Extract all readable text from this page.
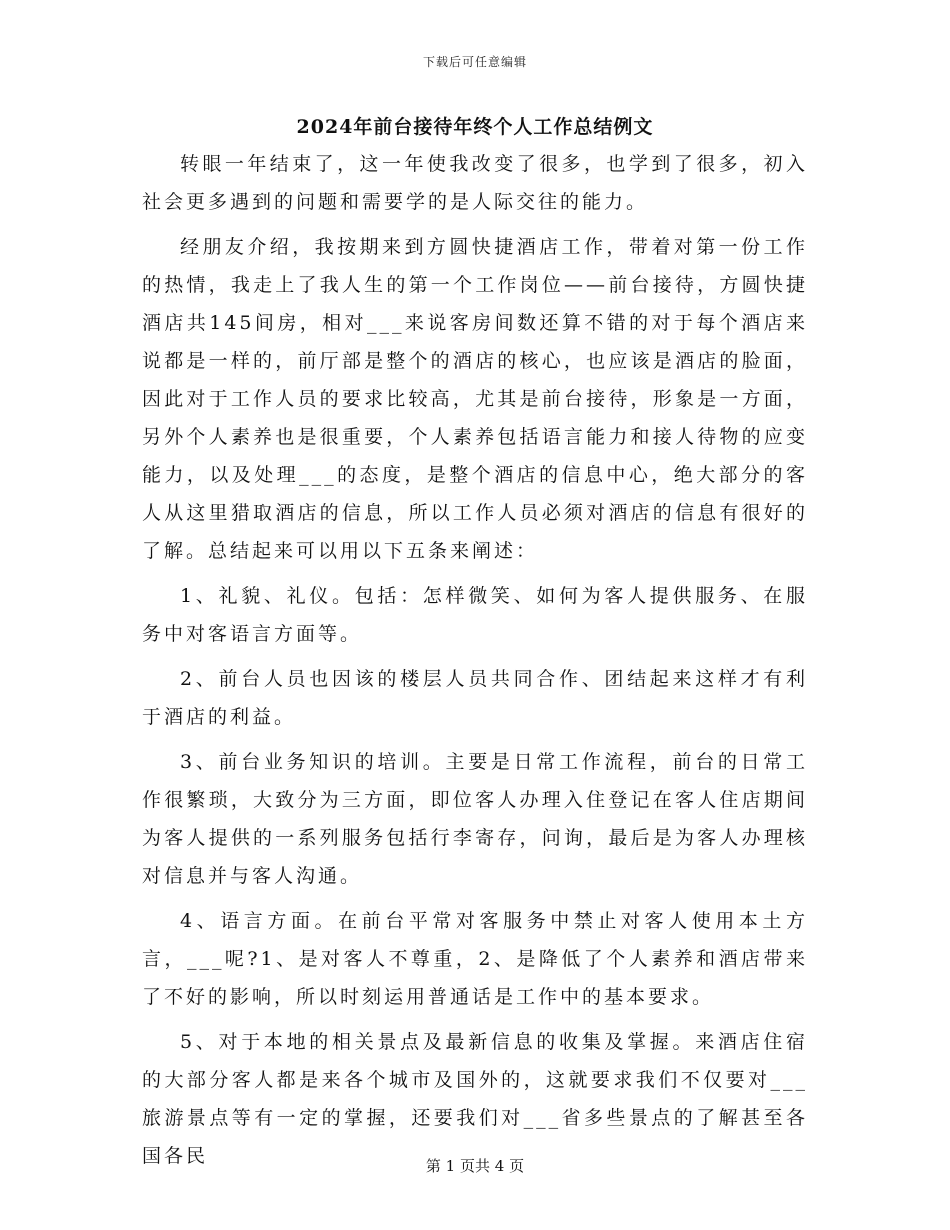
下载后可任意编辑
2024年前台接待年终个人工作总结例文

转眼一年结束了，这一年使我改变了很多，也学到了很多，初入社会更多遇到的问题和需要学的是人际交往的能力。

经朋友介绍，我按期来到方圆快捷酒店工作，带着对第一份工作的热情，我走上了我人生的第一个工作岗位——前台接待，方圆快捷酒店共145间房，相对___来说客房间数还算不错的对于每个酒店来说都是一样的，前厅部是整个的酒店的核心，也应该是酒店的脸面，因此对于工作人员的要求比较高，尤其是前台接待，形象是一方面，另外个人素养也是很重要，个人素养包括语言能力和接人待物的应变能力，以及处理___的态度，是整个酒店的信息中心，绝大部分的客人从这里猎取酒店的信息，所以工作人员必须对酒店的信息有很好的了解。总结起来可以用以下五条来阐述：

1、礼貌、礼仪。包括：怎样微笑、如何为客人提供服务、在服务中对客语言方面等。

2、前台人员也因该的楼层人员共同合作、团结起来这样才有利于酒店的利益。

3、前台业务知识的培训。主要是日常工作流程，前台的日常工作很繁琐，大致分为三方面，即位客人办理入住登记在客人住店期间为客人提供的一系列服务包括行李寄存，问询，最后是为客人办理核对信息并与客人沟通。

4、语言方面。在前台平常对客服务中禁止对客人使用本土方言，___呢?1、是对客人不尊重，2、是降低了个人素养和酒店带来了不好的影响，所以时刻运用普通话是工作中的基本要求。

5、对于本地的相关景点及最新信息的收集及掌握。来酒店住宿的大部分客人都是来各个城市及国外的，这就要求我们不仅要对___旅游景点等有一定的掌握，还要我们对___省多些景点的了解甚至各国各民	第 1 页共 4 页
